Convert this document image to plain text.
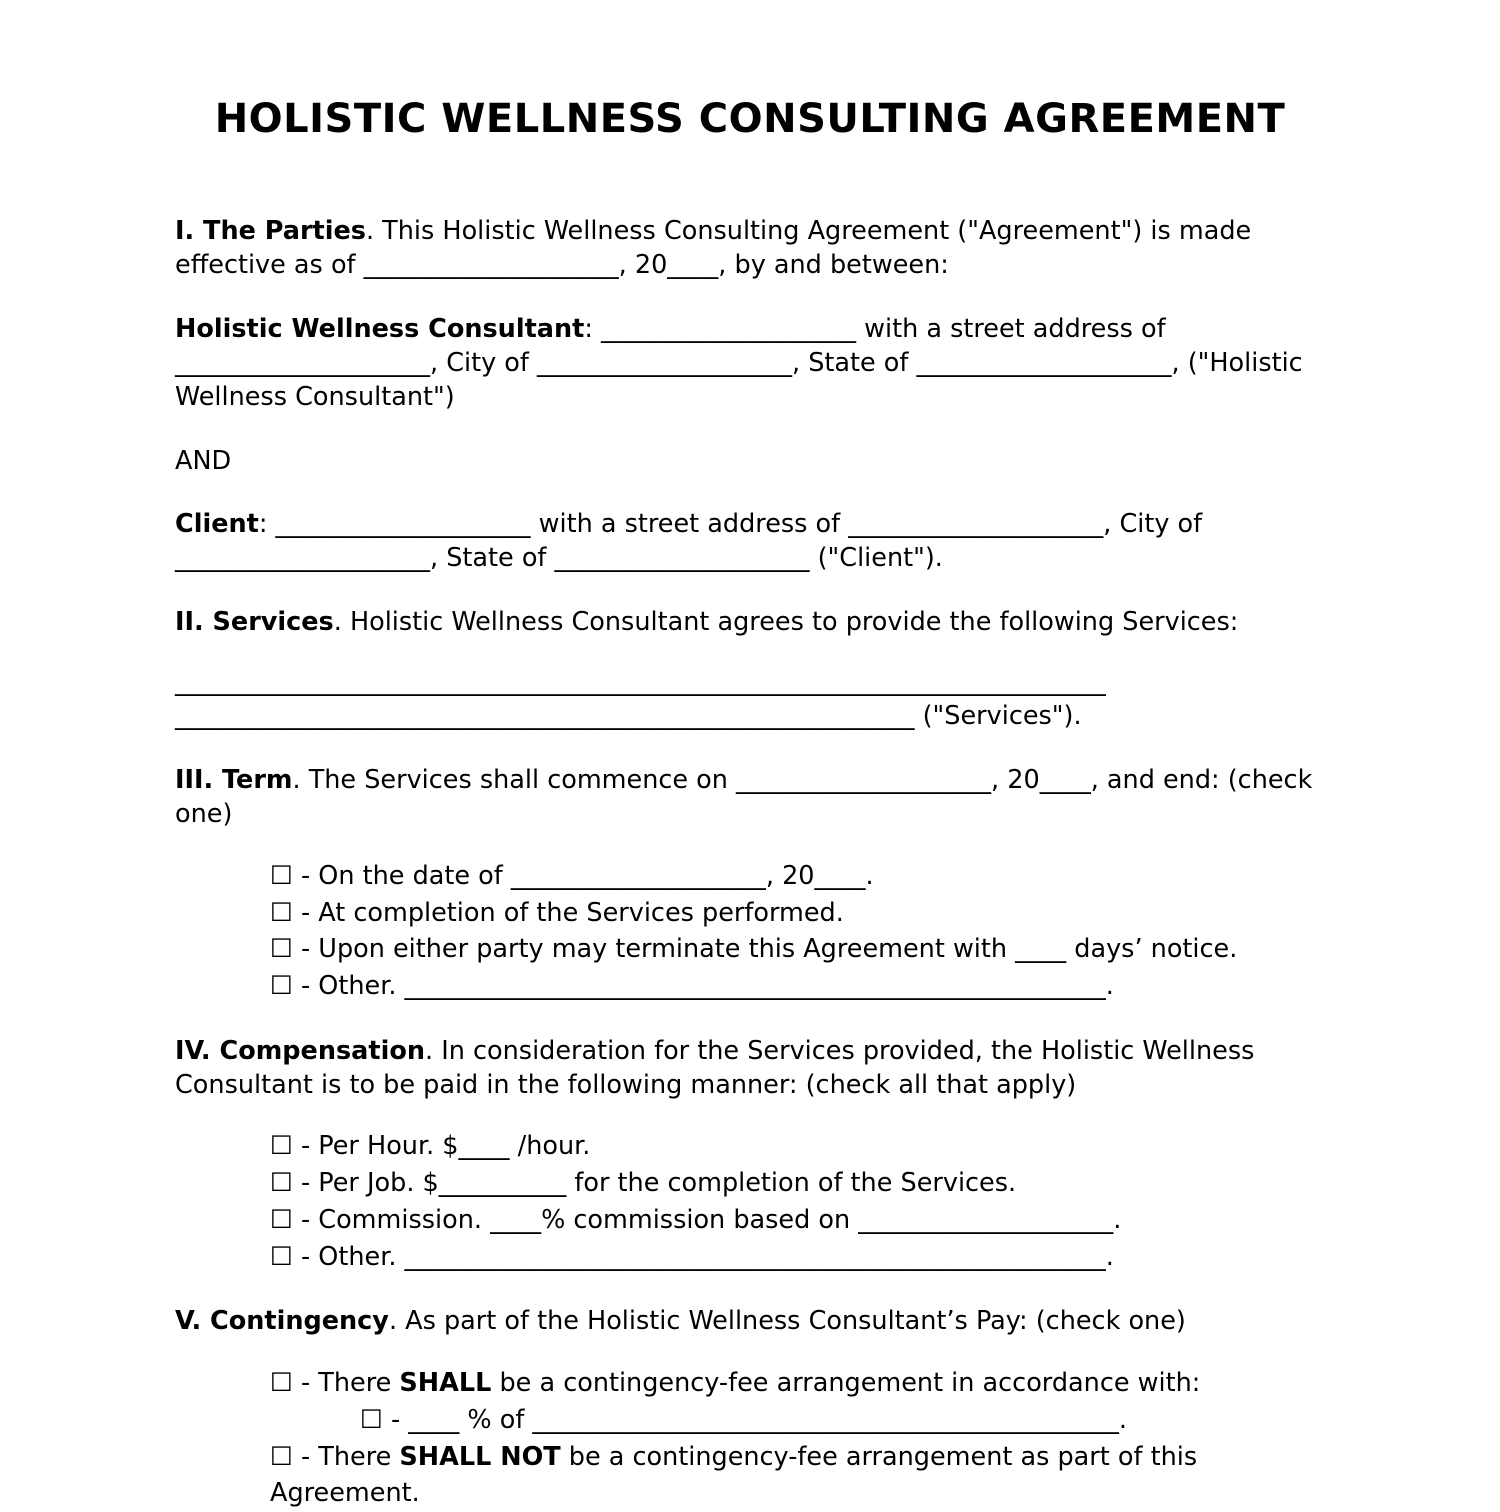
HOLISTIC WELLNESS CONSULTING AGREEMENT

I. The Parties. This Holistic Wellness Consulting Agreement ("Agreement") is made effective as of ____________________, 20____, by and between:

Holistic Wellness Consultant: ____________________ with a street address of ____________________, City of ____________________, State of ____________________, ("Holistic Wellness Consultant")

AND

Client: ____________________ with a street address of ____________________, City of ____________________, State of ____________________ ("Client").

II. Services. Holistic Wellness Consultant agrees to provide the following Services:

_________________________________________________________________________
__________________________________________________________ ("Services").

III. Term. The Services shall commence on ____________________, 20____, and end: (check one)

☐ - On the date of ____________________, 20____.

☐ - At completion of the Services performed.

☐ - Upon either party may terminate this Agreement with ____ days’ notice.

☐ - Other. _______________________________________________________.

IV. Compensation. In consideration for the Services provided, the Holistic Wellness Consultant is to be paid in the following manner: (check all that apply)

☐ - Per Hour. $____ /hour.

☐ - Per Job. $__________ for the completion of the Services.

☐ - Commission. ____% commission based on ____________________.

☐ - Other. _______________________________________________________.

V. Contingency. As part of the Holistic Wellness Consultant’s Pay: (check one)

☐ - There SHALL be a contingency-fee arrangement in accordance with:

☐ - ____ % of ______________________________________________.

☐ - There SHALL NOT be a contingency-fee arrangement as part of this Agreement.
